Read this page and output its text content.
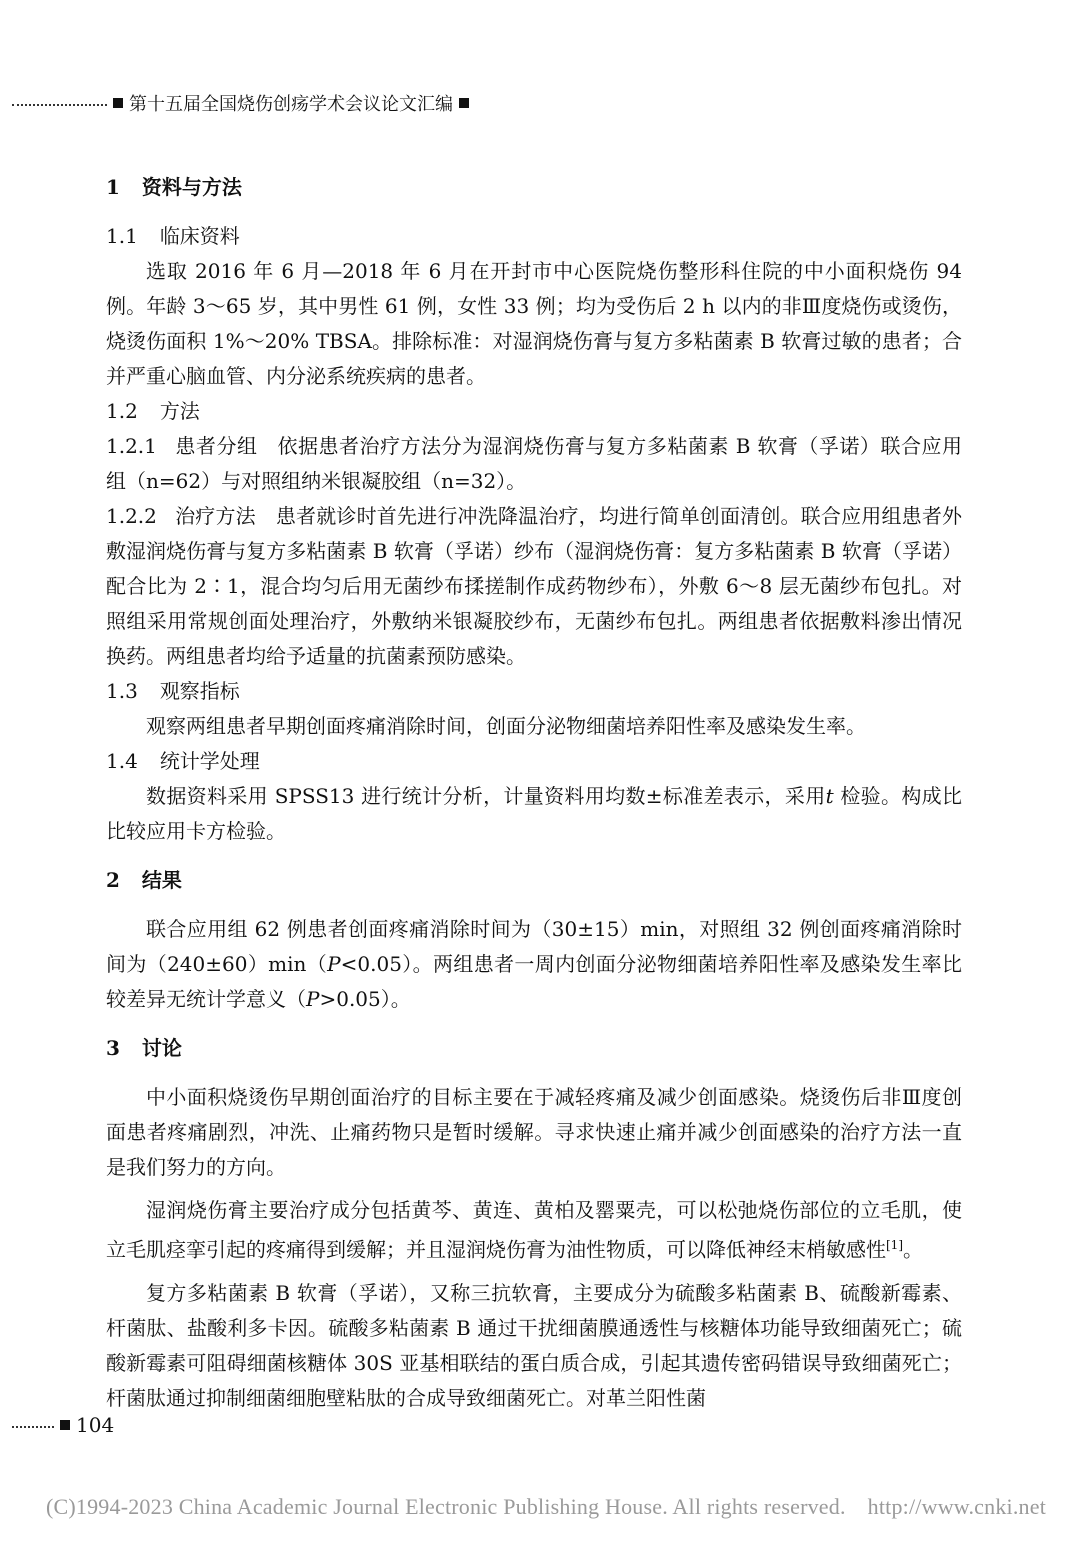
第十五届全国烧伤创疡学术会议论文汇编
1 资料与方法
1.1 临床资料

选取 2016 年 6 月—2018 年 6 月在开封市中心医院烧伤整形科住院的中小面积烧伤 94 例。年龄 3～65 岁，其中男性 61 例，女性 33 例；均为受伤后 2 h 以内的非Ⅲ度烧伤或烫伤，烧烫伤面积 1%～20% TBSA。排除标准：对湿润烧伤膏与复方多粘菌素 B 软膏过敏的患者；合并严重心脑血管、内分泌系统疾病的患者。

1.2 方法

1.2.1 患者分组 依据患者治疗方法分为湿润烧伤膏与复方多粘菌素 B 软膏（孚诺）联合应用组（n=62）与对照组纳米银凝胶组（n=32）。

1.2.2 治疗方法 患者就诊时首先进行冲洗降温治疗，均进行简单创面清创。联合应用组患者外敷湿润烧伤膏与复方多粘菌素 B 软膏（孚诺）纱布（湿润烧伤膏：复方多粘菌素 B 软膏（孚诺）配合比为 2∶1，混合均匀后用无菌纱布揉搓制作成药物纱布），外敷 6～8 层无菌纱布包扎。对照组采用常规创面处理治疗，外敷纳米银凝胶纱布，无菌纱布包扎。两组患者依据敷料渗出情况换药。两组患者均给予适量的抗菌素预防感染。

1.3 观察指标

观察两组患者早期创面疼痛消除时间，创面分泌物细菌培养阳性率及感染发生率。

1.4 统计学处理

数据资料采用 SPSS13 进行统计分析，计量资料用均数±标准差表示，采用t 检验。构成比比较应用卡方检验。

2 结果

联合应用组 62 例患者创面疼痛消除时间为（30±15）min，对照组 32 例创面疼痛消除时间为（240±60）min（P<0.05）。两组患者一周内创面分泌物细菌培养阳性率及感染发生率比较差异无统计学意义（P>0.05）。

3 讨论

中小面积烧烫伤早期创面治疗的目标主要在于减轻疼痛及减少创面感染。烧烫伤后非Ⅲ度创面患者疼痛剧烈，冲洗、止痛药物只是暂时缓解。寻求快速止痛并减少创面感染的治疗方法一直是我们努力的方向。

湿润烧伤膏主要治疗成分包括黄芩、黄连、黄柏及罂粟壳，可以松弛烧伤部位的立毛肌，使立毛肌痉挛引起的疼痛得到缓解；并且湿润烧伤膏为油性物质，可以降低神经末梢敏感性[1]。

复方多粘菌素 B 软膏（孚诺），又称三抗软膏，主要成分为硫酸多粘菌素 B、硫酸新霉素、杆菌肽、盐酸利多卡因。硫酸多粘菌素 B 通过干扰细菌膜通透性与核糖体功能导致细菌死亡；硫酸新霉素可阻碍细菌核糖体 30S 亚基相联结的蛋白质合成，引起其遗传密码错误导致细菌死亡；杆菌肽通过抑制细菌细胞壁粘肽的合成导致细菌死亡。对革兰阳性菌

104
(C)1994-2023 China Academic Journal Electronic Publishing House. All rights reserved. http://www.cnki.net
